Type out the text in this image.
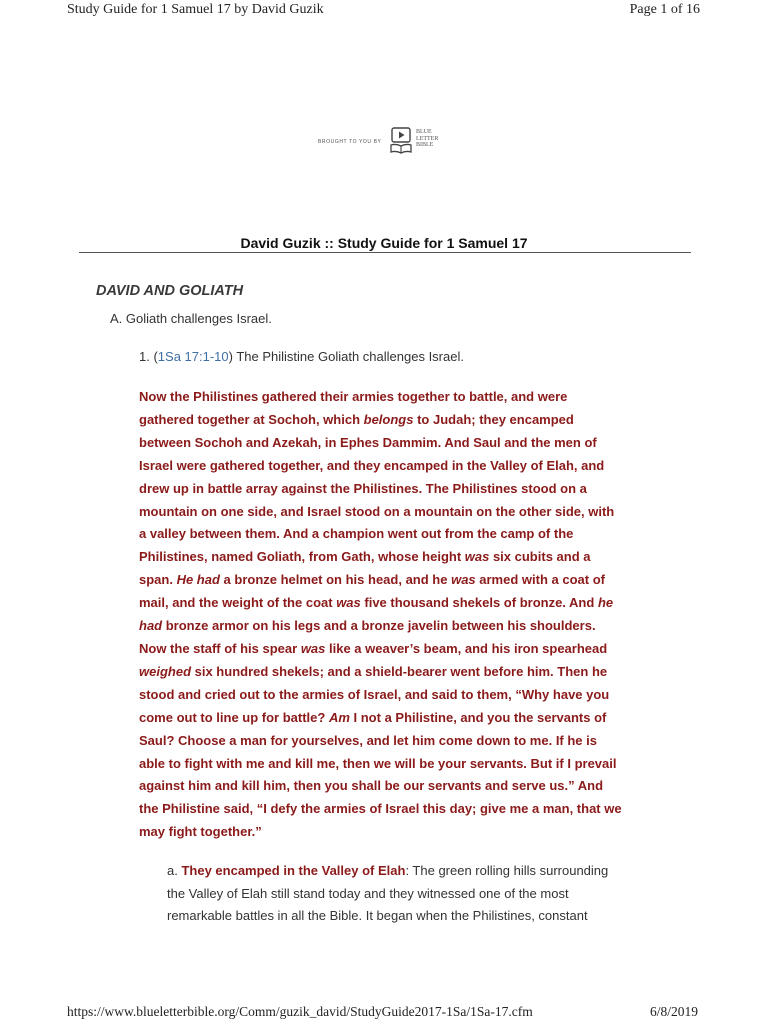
Study Guide for 1 Samuel 17 by David Guzik	Page 1 of 16
BROUGHT TO YOU BY
BLUE
LETTER
BIBLE
David Guzik :: Study Guide for 1 Samuel 17
DAVID AND GOLIATH
A. Goliath challenges Israel.
1. (1Sa 17:1-10) The Philistine Goliath challenges Israel.

Now the Philistines gathered their armies together to battle, and were
gathered together at Sochoh, which belongs to Judah; they encamped
between Sochoh and Azekah, in Ephes Dammim. And Saul and the men of
Israel were gathered together, and they encamped in the Valley of Elah, and
drew up in battle array against the Philistines. The Philistines stood on a
mountain on one side, and Israel stood on a mountain on the other side, with
a valley between them. And a champion went out from the camp of the
Philistines, named Goliath, from Gath, whose height was six cubits and a
span. He had a bronze helmet on his head, and he was armed with a coat of
mail, and the weight of the coat was five thousand shekels of bronze. And he
had bronze armor on his legs and a bronze javelin between his shoulders.
Now the staff of his spear was like a weaver’s beam, and his iron spearhead
weighed six hundred shekels; and a shield-bearer went before him. Then he
stood and cried out to the armies of Israel, and said to them, “Why have you
come out to line up for battle? Am I not a Philistine, and you the servants of
Saul? Choose a man for yourselves, and let him come down to me. If he is
able to fight with me and kill me, then we will be your servants. But if I prevail
against him and kill him, then you shall be our servants and serve us.” And
the Philistine said, “I defy the armies of Israel this day; give me a man, that we
may fight together.”

a. They encamped in the Valley of Elah: The green rolling hills surrounding
the Valley of Elah still stand today and they witnessed one of the most
remarkable battles in all the Bible. It began when the Philistines, constant

https://www.blueletterbible.org/Comm/guzik_david/StudyGuide2017-1Sa/1Sa-17.cfm	6/8/2019
